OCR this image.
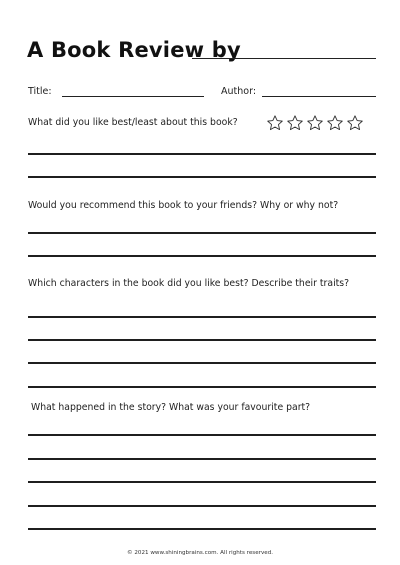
A Book Review by
Title:	Author:
What did you like best/least about this book?
Would you recommend this book to your friends? Why or why not?
Which characters in the book did you like best? Describe their traits?
What happened in the story? What was your favourite part?
© 2021 www.shiningbrains.com. All rights reserved.
